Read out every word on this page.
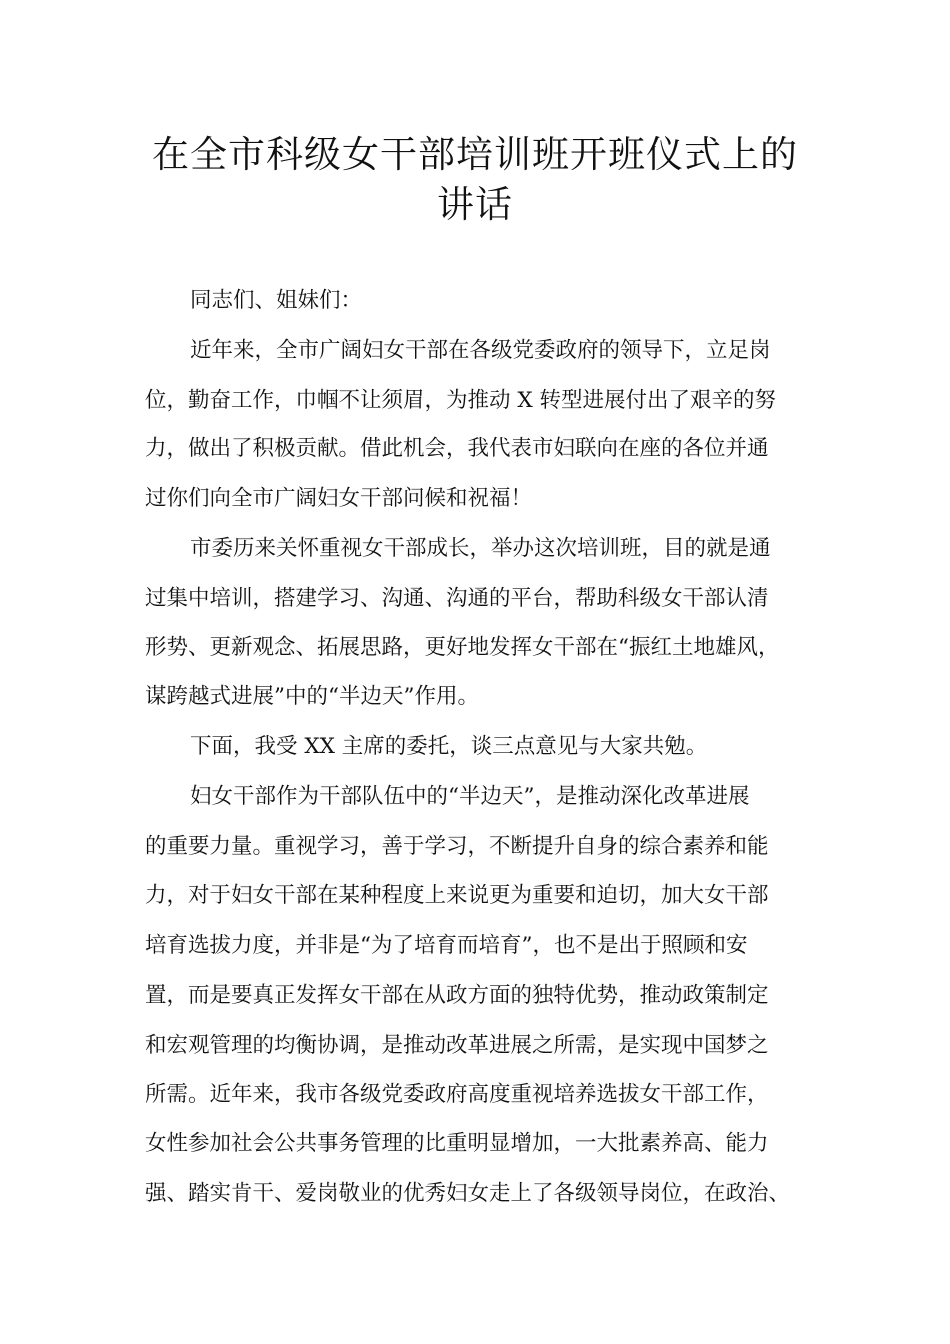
在全市科级女干部培训班开班仪式上的
讲话
同志们、姐妹们：
近年来，全市广阔妇女干部在各级党委政府的领导下，立足岗
位，勤奋工作，巾帼不让须眉，为推动 X 转型进展付出了艰辛的努
力，做出了积极贡献。借此机会，我代表市妇联向在座的各位并通
过你们向全市广阔妇女干部问候和祝福！
市委历来关怀重视女干部成长，举办这次培训班，目的就是通
过集中培训，搭建学习、沟通、沟通的平台，帮助科级女干部认清
形势、更新观念、拓展思路，更好地发挥女干部在“振红土地雄风，
谋跨越式进展”中的“半边天”作用。
下面，我受 XX 主席的委托，谈三点意见与大家共勉。
妇女干部作为干部队伍中的“半边天”，是推动深化改革进展
的重要力量。重视学习，善于学习，不断提升自身的综合素养和能
力，对于妇女干部在某种程度上来说更为重要和迫切，加大女干部
培育选拔力度，并非是“为了培育而培育”，也不是出于照顾和安
置，而是要真正发挥女干部在从政方面的独特优势，推动政策制定
和宏观管理的均衡协调，是推动改革进展之所需，是实现中国梦之
所需。近年来，我市各级党委政府高度重视培养选拔女干部工作，
女性参加社会公共事务管理的比重明显增加，一大批素养高、能力
强、踏实肯干、爱岗敬业的优秀妇女走上了各级领导岗位，在政治、
